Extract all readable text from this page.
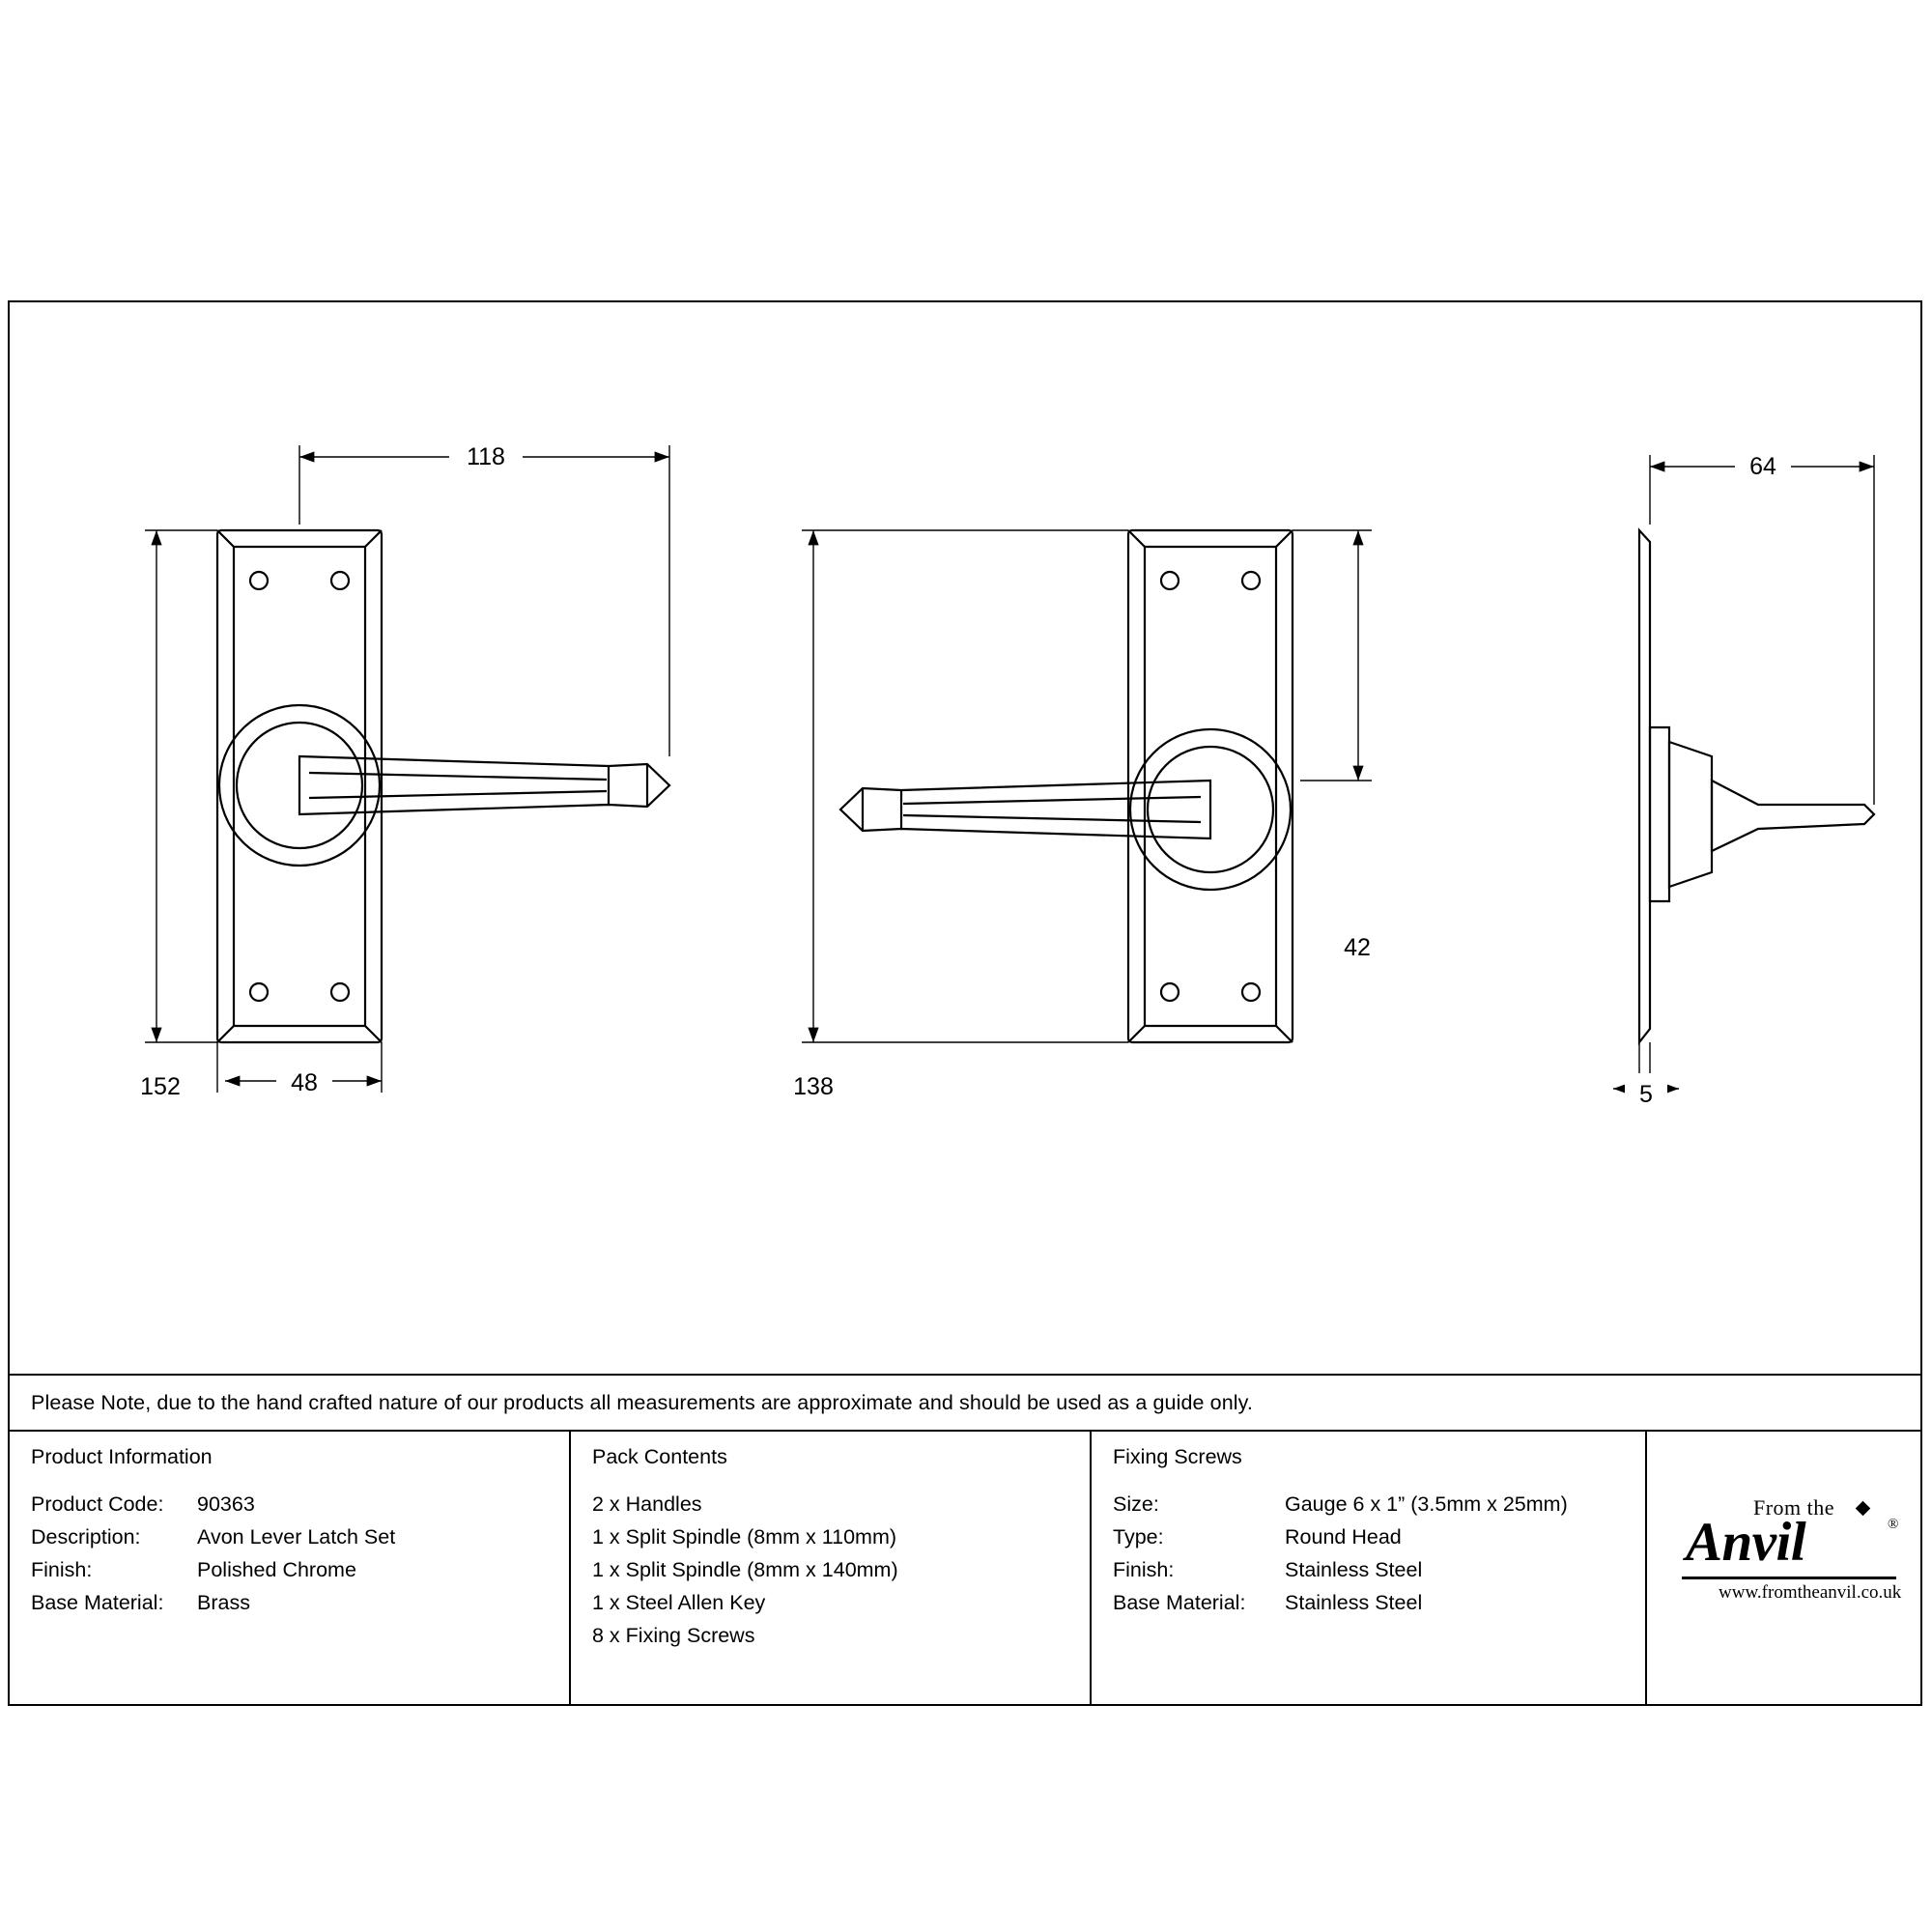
118
152	48
42
138
64
5
Please Note, due to the hand crafted nature of our products all measurements are approximate and should be used as a guide only.
Product Information
Product Code:	90363
Description:	Avon Lever Latch Set
Finish:	Polished Chrome
Base Material:	Brass
Pack Contents
2 x Handles
1 x Split Spindle (8mm x 110mm)
1 x Split Spindle (8mm x 140mm)
1 x Steel Allen Key
8 x Fixing Screws
Fixing Screws
Size:	Gauge 6 x 1” (3.5mm x 25mm)
Type:	Round Head
Finish:	Stainless Steel
Base Material:	Stainless Steel
From the
Anvil	®
www.fromtheanvil.co.uk
